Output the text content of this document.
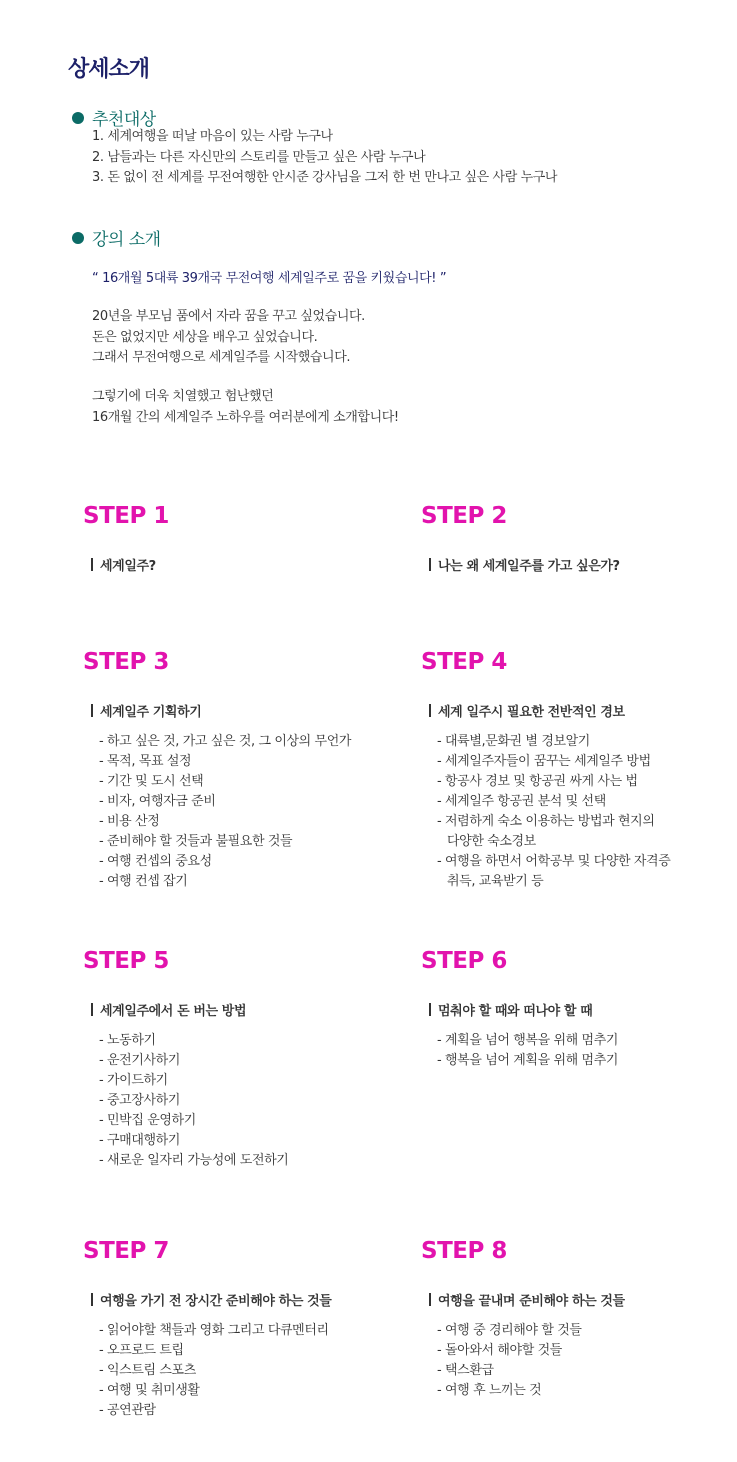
상세소개
추천대상
1. 세계여행을 떠날 마음이 있는 사람 누구나
2. 남들과는 다른 자신만의 스토리를 만들고 싶은 사람 누구나
3. 돈 없이 전 세계를 무전여행한 안시준 강사님을 그저 한 번 만나고 싶은 사람 누구나
강의 소개
“ 16개월 5대륙 39개국 무전여행 세계일주로 꿈을 키웠습니다! ”
20년을 부모님 품에서 자라 꿈을 꾸고 싶었습니다.
돈은 없었지만 세상을 배우고 싶었습니다.
그래서 무전여행으로 세계일주를 시작했습니다.
그렇기에 더욱 치열했고 험난했던
16개월 간의 세계일주 노하우를 여러분에게 소개합니다!
STEP 1
세계일주?
STEP 2
나는 왜 세계일주를 가고 싶은가?
STEP 3
세계일주 기획하기
- 하고 싶은 것, 가고 싶은 것, 그 이상의 무언가
- 목적, 목표 설정
- 기간 및 도시 선택
- 비자, 여행자금 준비
- 비용 산정
- 준비해야 할 것들과 불필요한 것들
- 여행 컨셉의 중요성
- 여행 컨셉 잡기
STEP 4
세계 일주시 필요한 전반적인 경보
- 대륙별,문화권 별 경보알기
- 세계일주자들이 꿈꾸는 세계일주 방법
- 항공사 경보 및 항공권 싸게 사는 법
- 세계일주 항공권 분석 및 선택
- 저렴하게 숙소 이용하는 방법과 현지의
다양한 숙소경보
- 여행을 하면서 어학공부 및 다양한 자격증
취득, 교육받기 등
STEP 5
세계일주에서 돈 버는 방법
- 노동하기
- 운전기사하기
- 가이드하기
- 중고장사하기
- 민박집 운영하기
- 구매대행하기
- 새로운 일자리 가능성에 도전하기
STEP 6
멈춰야 할 때와 떠나야 할 때
- 계획을 넘어 행복을 위해 멈추기
- 행복을 넘어 계획을 위해 멈추기
STEP 7
여행을 가기 전 장시간 준비해야 하는 것들
- 읽어야할 책들과 영화 그리고 다큐멘터리
- 오프로드 트립
- 익스트림 스포츠
- 여행 및 취미생활
- 공연관람
STEP 8
여행을 끝내며 준비해야 하는 것들
- 여행 중 경리해야 할 것들
- 돌아와서 해야할 것들
- 택스환급
- 여행 후 느끼는 것
